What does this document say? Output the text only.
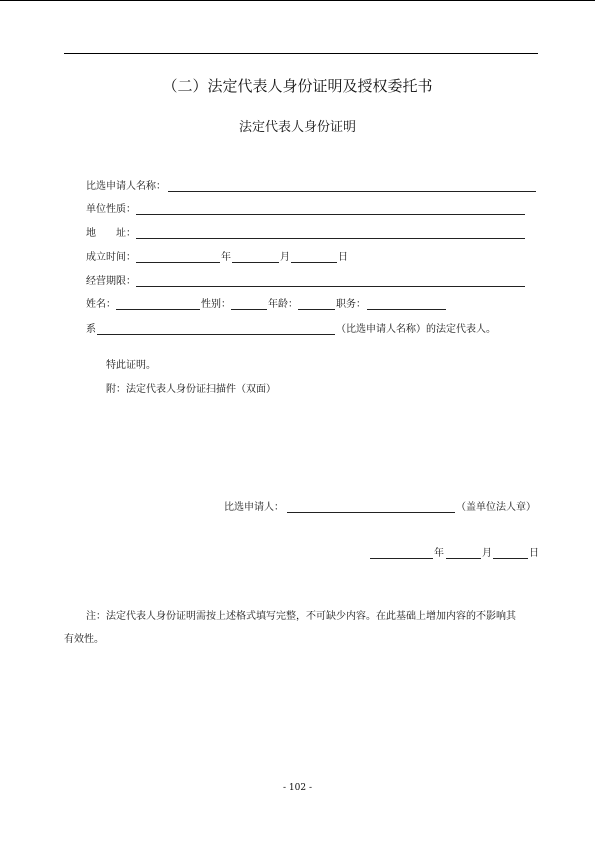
（二）法定代表人身份证明及授权委托书
法定代表人身份证明
比选申请人名称：
单位性质：
地　　址：
成立时间：	年	月	日
经营期限：
姓名：	性别：	年龄：	职务：
系	（比选申请人名称）的法定代表人。
特此证明。
附：法定代表人身份证扫描件（双面）
比选申请人：	（盖单位法人章）
年	月	日
注：法定代表人身份证明需按上述格式填写完整，不可缺少内容。在此基础上增加内容的不影响其
有效性。
- 102 -
